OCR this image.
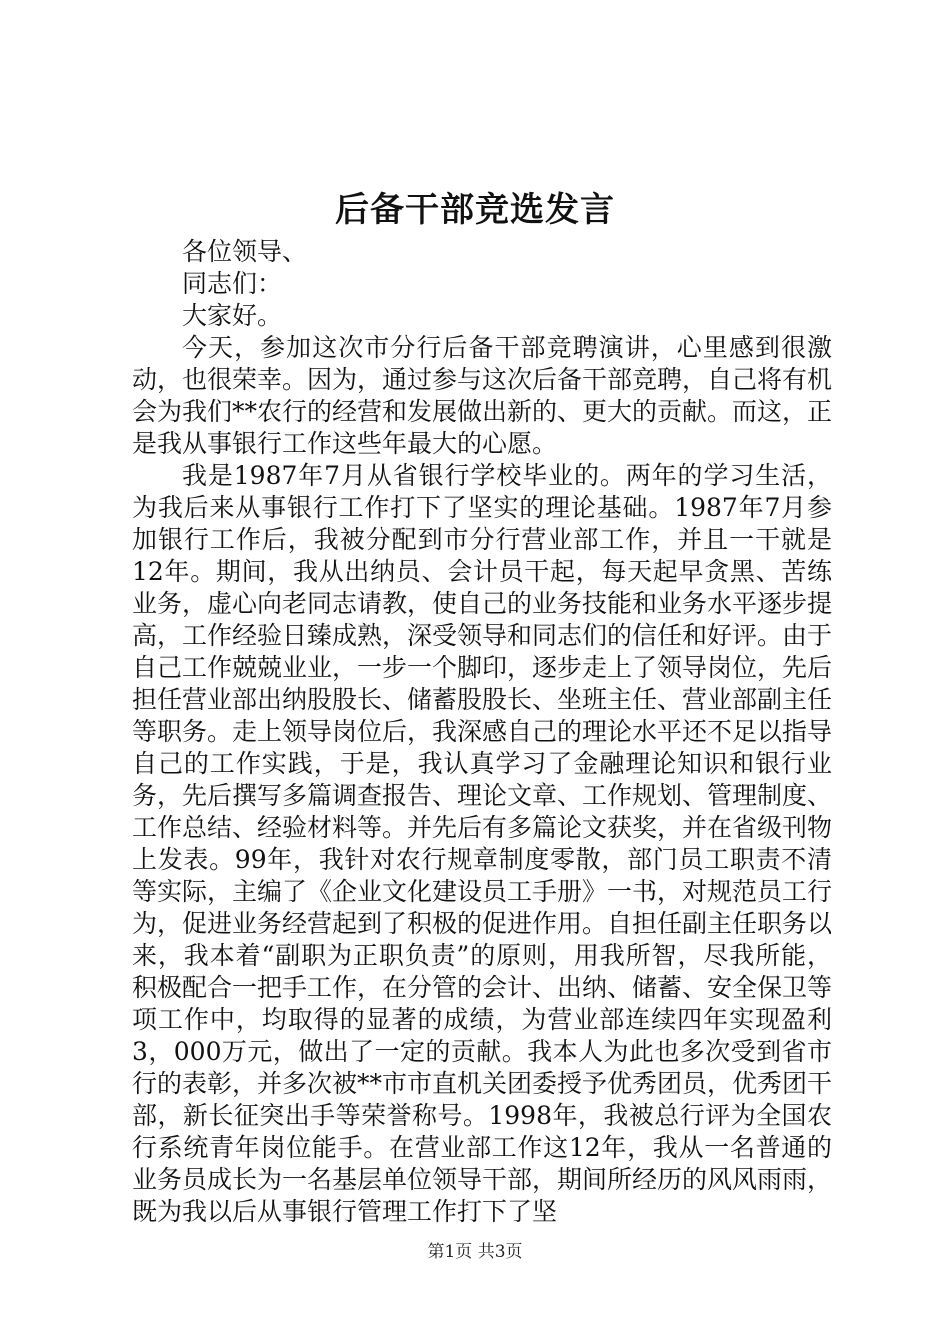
后备干部竞选发言

各位领导、

同志们：

大家好。

今天，参加这次市分行后备干部竞聘演讲，心里感到很激动，也很荣幸。因为，通过参与这次后备干部竞聘，自己将有机会为我们**农行的经营和发展做出新的、更大的贡献。而这，正是我从事银行工作这些年最大的心愿。

我是1987年7月从省银行学校毕业的。两年的学习生活，为我后来从事银行工作打下了坚实的理论基础。1987年7月参加银行工作后，我被分配到市分行营业部工作，并且一干就是12年。期间，我从出纳员、会计员干起，每天起早贪黑、苦练业务，虚心向老同志请教，使自己的业务技能和业务水平逐步提高，工作经验日臻成熟，深受领导和同志们的信任和好评。由于自己工作兢兢业业，一步一个脚印，逐步走上了领导岗位，先后担任营业部出纳股股长、储蓄股股长、坐班主任、营业部副主任等职务。走上领导岗位后，我深感自己的理论水平还不足以指导自己的工作实践，于是，我认真学习了金融理论知识和银行业务，先后撰写多篇调查报告、理论文章、工作规划、管理制度、工作总结、经验材料等。并先后有多篇论文获奖，并在省级刊物上发表。99年，我针对农行规章制度零散，部门员工职责不清等实际，主编了《企业文化建设员工手册》一书，对规范员工行为，促进业务经营起到了积极的促进作用。自担任副主任职务以来，我本着“副职为正职负责”的原则，用我所智，尽我所能，积极配合一把手工作，在分管的会计、出纳、储蓄、安全保卫等项工作中，均取得的显著的成绩，为营业部连续四年实现盈利3，000万元，做出了一定的贡献。我本人为此也多次受到省市行的表彰，并多次被**市市直机关团委授予优秀团员，优秀团干部，新长征突出手等荣誉称号。1998年，我被总行评为全国农行系统青年岗位能手。在营业部工作这12年，我从一名普通的业务员成长为一名基层单位领导干部，期间所经历的风风雨雨，既为我以后从事银行管理工作打下了坚

第1页 共3页
